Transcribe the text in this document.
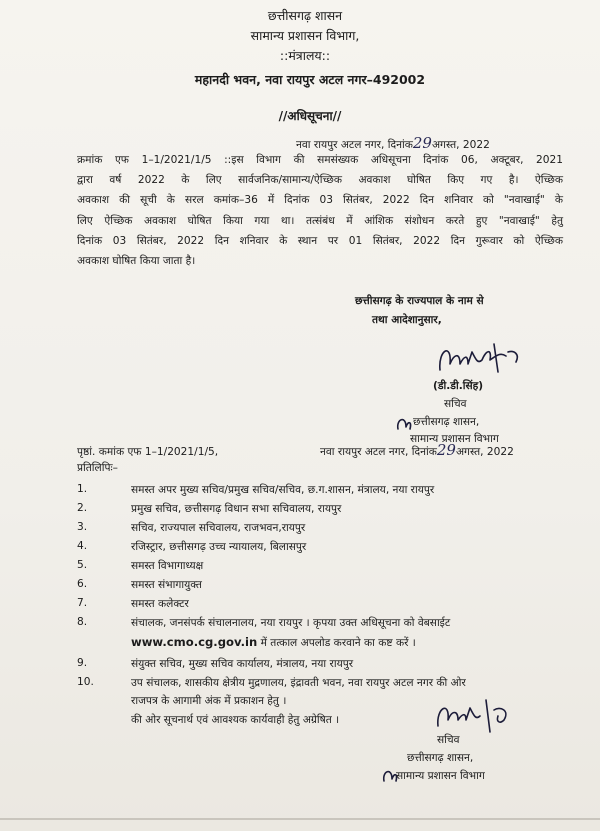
छत्तीसगढ़ शासन
सामान्य प्रशासन विभाग,
::मंत्रालय::
महानदी भवन, नवा रायपुर अटल नगर–492002
//अधिसूचना//
नवा रायपुर अटल नगर, दिनांक29अगस्त, 2022
क्रमांक एफ 1–1/2021/1/5 ::इस विभाग की समसंख्यक अधिसूचना दिनांक 06, अक्टूबर, 2021
द्वारा वर्ष 2022 के लिए सार्वजनिक/सामान्य/ऐच्छिक अवकाश घोषित किए गए है। ऐच्छिक
अवकाश की सूची के सरल कमांक–36 में दिनांक 03 सितंबर, 2022 दिन शनिवार को "नवाखाई" के
लिए ऐच्छिक अवकाश घोषित किया गया था। तत्संबंध में आंशिक संशोधन करते हुए "नवाखाई" हेतु
दिनांक 03 सितंबर, 2022 दिन शनिवार के स्थान पर 01 सितंबर, 2022 दिन गुरूवार को ऐच्छिक
अवकाश घोषित किया जाता है।
छत्तीसगढ़ के राज्यपाल के नाम से
तथा आदेशानुसार,
(डी.डी.सिंह)
सचिव
छत्तीसगढ़ शासन,
सामान्य प्रशासन विभाग
पृष्ठां. कमांक एफ 1–1/2021/1/5,	नवा रायपुर अटल नगर, दिनांक29अगस्त, 2022
प्रतिलिपिः–
1.	समस्त अपर मुख्य सचिव/प्रमुख सचिव/सचिव, छ.ग.शासन, मंत्रालय, नया रायपुर
2.	प्रमुख सचिव, छत्तीसगढ़ विधान सभा सचिवालय, रायपुर
3.	सचिव, राज्यपाल सचिवालय, राजभवन,रायपुर
4.	रजिस्ट्रार, छत्तीसगढ़ उच्च न्यायालय, बिलासपुर
5.	समस्त विभागाध्यक्ष
6.	समस्त संभागायुक्त
7.	समस्त कलेक्टर
8.	संचालक, जनसंपर्क संचालनालय, नया रायपुर । कृपया उक्त अधिसूचना को वेबसाईट
www.cmo.cg.gov.in में तत्काल अपलोड करवाने का कष्ट करें ।
9.	संयुक्त सचिव, मुख्य सचिव कार्यालय, मंत्रालय, नया रायपुर
10.	उप संचालक, शासकीय क्षेत्रीय मुद्रणालय, इंद्रावती भवन, नवा रायपुर अटल नगर की ओर
राजपत्र के आगामी अंक में प्रकाशन हेतु ।
की ओर सूचनार्थ एवं आवश्यक कार्यवाही हेतु अग्रेषित ।
सचिव
छत्तीसगढ़ शासन,
सामान्य प्रशासन विभाग
